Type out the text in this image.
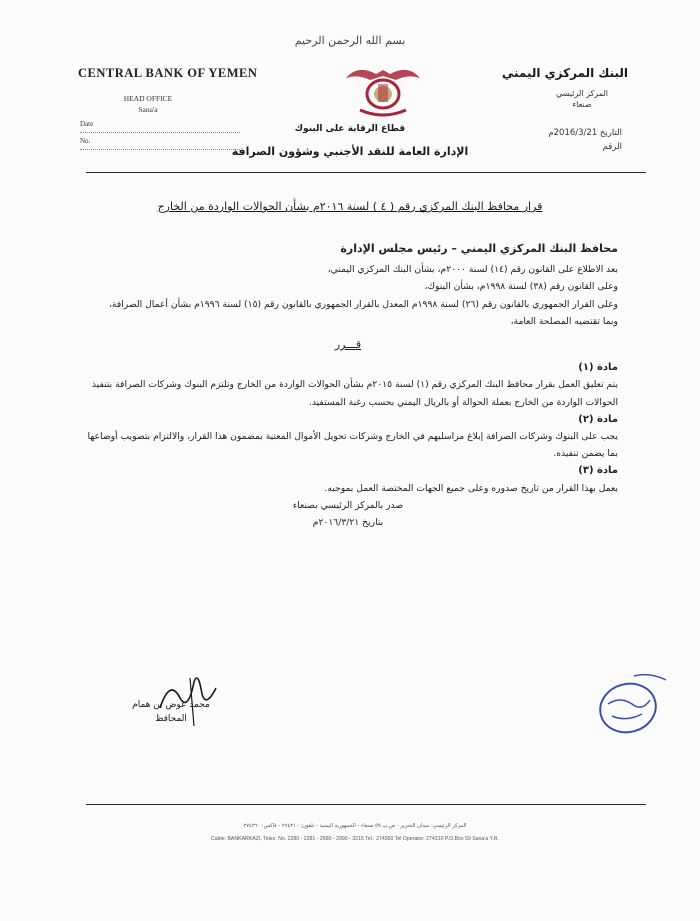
بسم الله الرحمن الرحيم
CENTRAL BANK OF YEMEN
HEAD OFFICE
Sana'a
Date
No.
البنك المركزي اليمني
المركز الرئيسي
صنعاء
التاريخ 2016/3/21م
الرقم
قطاع الرقابة على البنوك
الإدارة العامة للنقد الأجنبي وشؤون الصرافة
قرار محافظ البنك المركزي رقم ( ٤ ) لسنة ٢٠١٦م بشأن الحوالات الواردة من الخارج
محافظ البنك المركزي اليمني – رئيس مجلس الإدارة
بعد الاطلاع على القانون رقم (١٤) لسنة ٢٠٠٠م، بشأن البنك المركزي اليمني،
وعلى القانون رقم (٣٨) لسنة ١٩٩٨م، بشأن البنوك،
وعلى القرار الجمهوري بالقانون رقم (٢٦) لسنة ١٩٩٨م المعدل بالقرار الجمهوري بالقانون رقم (١٥) لسنة ١٩٩٦م بشأن أعمال الصرافة،
وبما تقتضيه المصلحة العامة،
قـــرر
مادة (١)
يتم تعليق العمل بقرار محافظ البنك المركزي رقم (١) لسنة ٢٠١٥م بشأن الحوالات الواردة من الخارج وتلتزم البنوك وشركات الصرافة بتنفيذ الحوالات الواردة من الخارج بعملة الحوالة أو بالريال اليمني بحسب رغبة المستفيد.
مادة (٢)
يجب على البنوك وشركات الصرافة إبلاغ مراسليهم في الخارج وشركات تحويل الأموال المعنية بمضمون هذا القرار، والالتزام بتصويب أوضاعها بما يضمن تنفيذه.
مادة (٣)
يعمل بهذا القرار من تاريخ صدوره وعلى جميع الجهات المختصة العمل بموجبه.
صدر بالمركز الرئيسي بصنعاء
بتاريخ ٢٠١٦/٣/٢١م
محمد عوض بن همام
المحافظ
المركز الرئيسي: ميدان التحرير - ص.ب ٥٩ صنعاء - الجمهورية اليمنية - تلفون: ٢٧٤٣١٠ - فاكس: ٢٧٤٣٦٠
Cable: BANKARKAZI, Telex: No. 2280 - 2281 - 2680 - 2990 - 3215 Tel.: 274360 Tel Operator: 274310 P.O.Box 59 Sana'a Y.R.
